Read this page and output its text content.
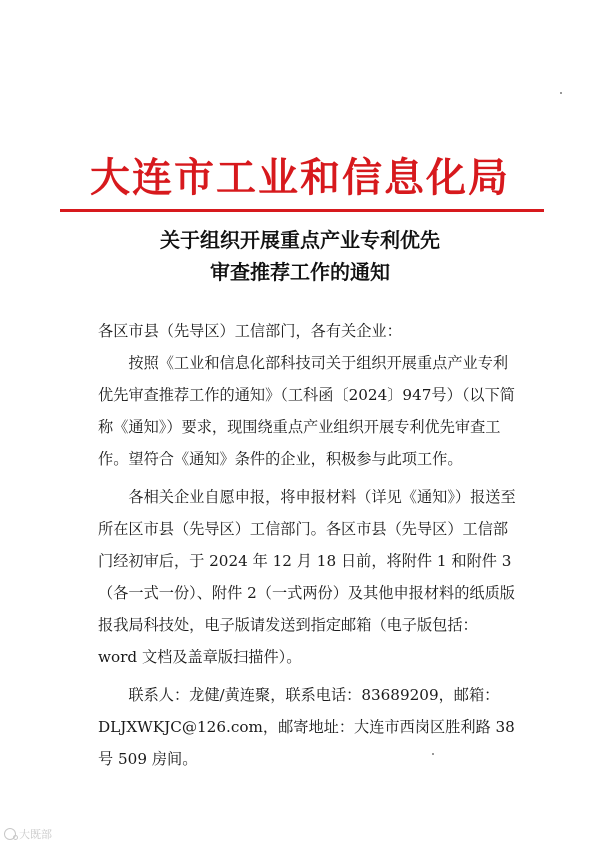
大连市工业和信息化局
关于组织开展重点产业专利优先
审查推荐工作的通知

各区市县（先导区）工信部门，各有关企业：

按照《工业和信息化部科技司关于组织开展重点产业专利优先审查推荐工作的通知》（工科函〔2024〕947号）（以下简称《通知》）要求，现围绕重点产业组织开展专利优先审查工作。望符合《通知》条件的企业，积极参与此项工作。

各相关企业自愿申报，将申报材料（详见《通知》）报送至所在区市县（先导区）工信部门。各区市县（先导区）工信部门经初审后，于 2024 年 12 月 18 日前，将附件 1 和附件 3（各一式一份）、附件 2（一式两份）及其他申报材料的纸质版报我局科技处，电子版请发送到指定邮箱（电子版包括：word 文档及盖章版扫描件）。

联系人：龙健/黄连聚，联系电话：83689209，邮箱：DLJXWKJC@126.com，邮寄地址：大连市西岗区胜利路 38 号 509 房间。

大既部
